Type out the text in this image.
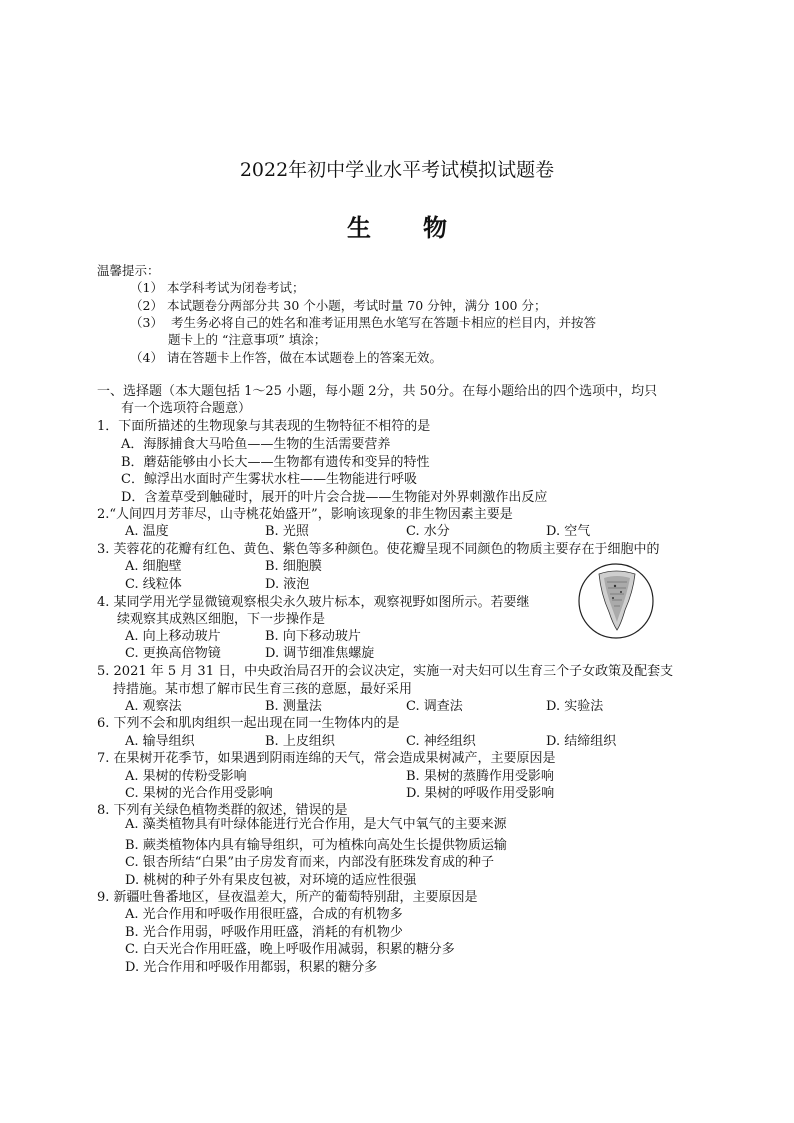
2022年初中学业水平考试模拟试题卷
生物
温馨提示：
（1） 本学科考试为闭卷考试；
（2） 本试题卷分两部分共 30 个小题，考试时量 70 分钟，满分 100 分；
（3） 考生务必将自己的姓名和准考证用黑色水笔写在答题卡相应的栏目内，并按答
题卡上的 “注意事项” 填涂；
（4） 请在答题卡上作答，做在本试题卷上的答案无效。
一、选择题（本大题包括 1～25 小题，每小题 2分，共 50分。在每小题给出的四个选项中，均只
有一个选项符合题意）
1．下面所描述的生物现象与其表现的生物特征不相符的是
A．海豚捕食大马哈鱼——生物的生活需要营养
B．蘑菇能够由小长大——生物都有遗传和变异的特性
C．鲸浮出水面时产生雾状水柱——生物能进行呼吸
D．含羞草受到触碰时，展开的叶片会合拢——生物能对外界刺激作出反应
2.“人间四月芳菲尽，山寺桃花始盛开”，影响该现象的非生物因素主要是
A. 温度	B. 光照	C. 水分	D. 空气
3. 芙蓉花的花瓣有红色、黄色、紫色等多种颜色。使花瓣呈现不同颜色的物质主要存在于细胞中的
A. 细胞壁	B. 细胞膜
C. 线粒体	D. 液泡
4. 某同学用光学显微镜观察根尖永久玻片标本，观察视野如图所示。若要继
续观察其成熟区细胞，下一步操作是
A. 向上移动玻片	B. 向下移动玻片
C. 更换高倍物镜	D. 调节细准焦螺旋
5. 2021 年 5 月 31 日，中央政治局召开的会议决定，实施一对夫妇可以生育三个子女政策及配套支
持措施。某市想了解市民生育三孩的意愿，最好采用
A. 观察法	B. 测量法	C. 调查法	D. 实验法
6. 下列不会和肌肉组织一起出现在同一生物体内的是
A. 输导组织	B. 上皮组织	C. 神经组织	D. 结缔组织
7. 在果树开花季节，如果遇到阴雨连绵的天气，常会造成果树减产，主要原因是
A. 果树的传粉受影响	B. 果树的蒸腾作用受影响
C. 果树的光合作用受影响	D. 果树的呼吸作用受影响
8. 下列有关绿色植物类群的叙述，错误的是
A. 藻类植物具有叶绿体能进行光合作用，是大气中氧气的主要来源
B. 蕨类植物体内具有输导组织，可为植株向高处生长提供物质运输
C. 银杏所结“白果”由子房发育而来，内部没有胚珠发育成的种子
D. 桃树的种子外有果皮包被，对环境的适应性很强
9. 新疆吐鲁番地区，昼夜温差大，所产的葡萄特别甜，主要原因是
A. 光合作用和呼吸作用很旺盛，合成的有机物多
B. 光合作用弱，呼吸作用旺盛，消耗的有机物少
C. 白天光合作用旺盛，晚上呼吸作用减弱，积累的糖分多
D. 光合作用和呼吸作用都弱，积累的糖分多
